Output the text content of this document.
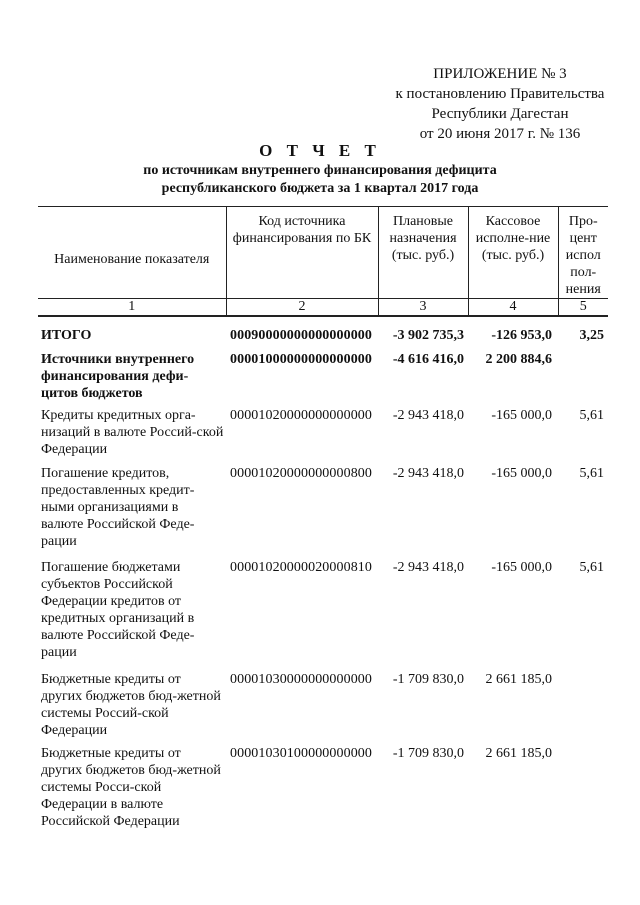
ПРИЛОЖЕНИЕ № 3
к постановлению Правительства
Республики Дагестан
от 20 июня 2017 г. № 136
О Т Ч Е Т
по источникам внутреннего финансирования дефицита
республиканского бюджета за 1 квартал 2017 года
Наименование показателя	Код источника финансирования по БК	Плановые назначения (тыс. руб.)	Кассовое исполне-ние (тыс. руб.)	Про-цент испол пол-нения
1	2	3	4	5
ИТОГО	00090000000000000000	-3 902 735,3	-126 953,0	3,25
Источники внутреннего финансирования дефи-цитов бюджетов	00001000000000000000	-4 616 416,0	2 200 884,6	
Кредиты кредитных орга-низаций в валюте Россий-ской Федерации	00001020000000000000	-2 943 418,0	-165 000,0	5,61
Погашение кредитов, предоставленных кредит-ными организациями в валюте Российской Феде-рации	00001020000000000800	-2 943 418,0	-165 000,0	5,61
Погашение бюджетами субъектов Российской Федерации кредитов от кредитных организаций в валюте Российской Феде-рации	00001020000020000810	-2 943 418,0	-165 000,0	5,61
Бюджетные кредиты от других бюджетов бюд-жетной системы Россий-ской Федерации	00001030000000000000	-1 709 830,0	2 661 185,0	
Бюджетные кредиты от других бюджетов бюд-жетной системы Росси-ской Федерации в валюте Российской Федерации	00001030100000000000	-1 709 830,0	2 661 185,0	
